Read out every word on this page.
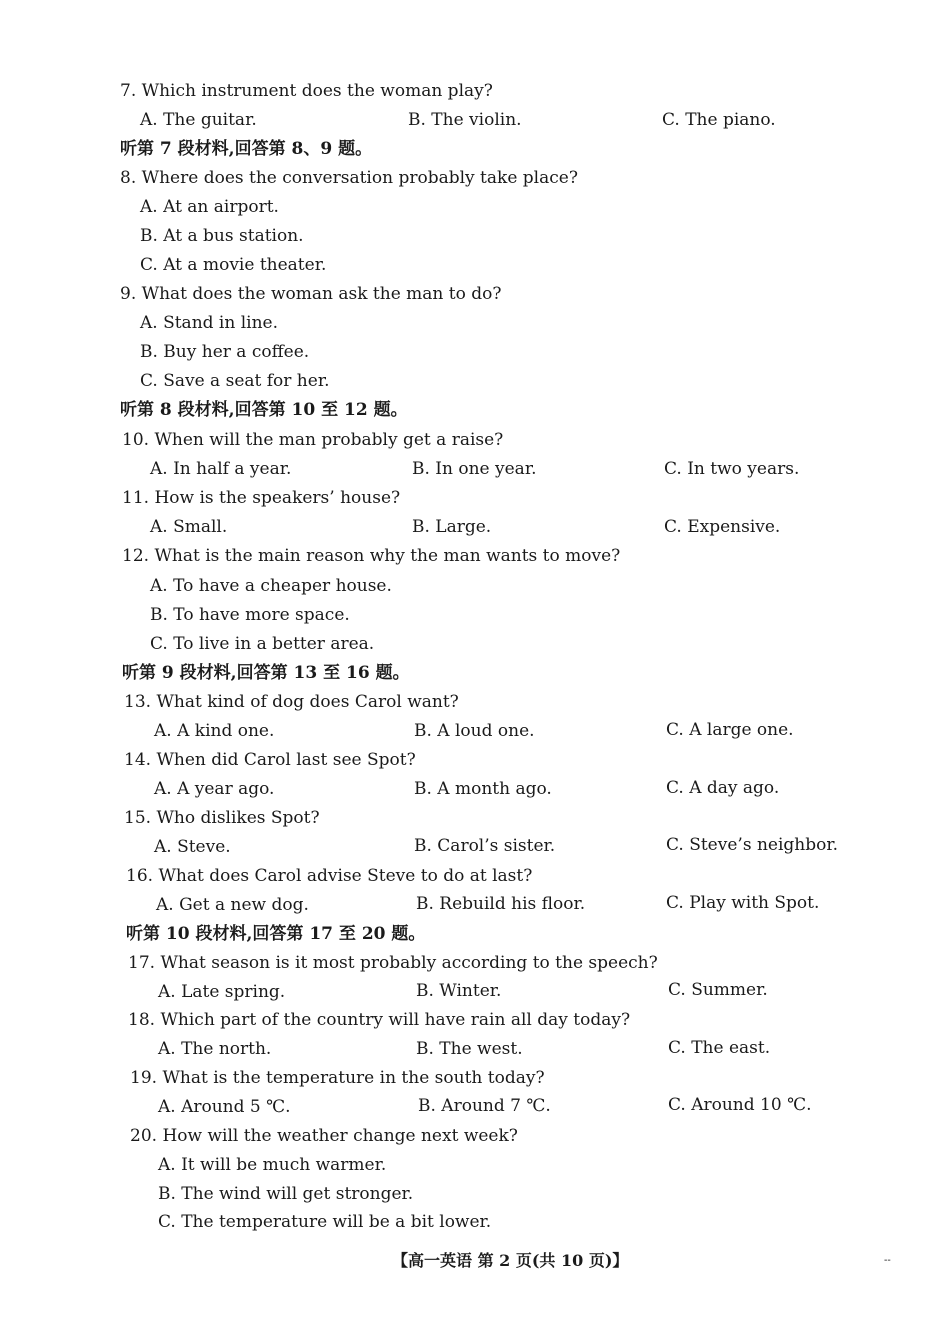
7. Which instrument does the woman play?
A. The guitar.	B. The violin.	C. The piano.
听第 7 段材料,回答第 8、9 题。
8. Where does the conversation probably take place?
A. At an airport.
B. At a bus station.
C. At a movie theater.
9. What does the woman ask the man to do?
A. Stand in line.
B. Buy her a coffee.
C. Save a seat for her.
听第 8 段材料,回答第 10 至 12 题。
10. When will the man probably get a raise?
A. In half a year.	B. In one year.	C. In two years.
11. How is the speakers’ house?
A. Small.	B. Large.	C. Expensive.
12. What is the main reason why the man wants to move?
A. To have a cheaper house.
B. To have more space.
C. To live in a better area.
听第 9 段材料,回答第 13 至 16 题。
13. What kind of dog does Carol want?
A. A kind one.	B. A loud one.	C. A large one.
14. When did Carol last see Spot?
A. A year ago.	B. A month ago.	C. A day ago.
15. Who dislikes Spot?
A. Steve.	B. Carol’s sister.	C. Steve’s neighbor.
16. What does Carol advise Steve to do at last?
A. Get a new dog.	B. Rebuild his floor.	C. Play with Spot.
听第 10 段材料,回答第 17 至 20 题。
17. What season is it most probably according to the speech?
A. Late spring.	B. Winter.	C. Summer.
18. Which part of the country will have rain all day today?
A. The north.	B. The west.	C. The east.
19. What is the temperature in the south today?
A. Around 5 ℃.	B. Around 7 ℃.	C. Around 10 ℃.
20. How will the weather change next week?
A. It will be much warmer.
B. The wind will get stronger.
C. The temperature will be a bit lower.
【高一英语 第 2 页(共 10 页)】	--
